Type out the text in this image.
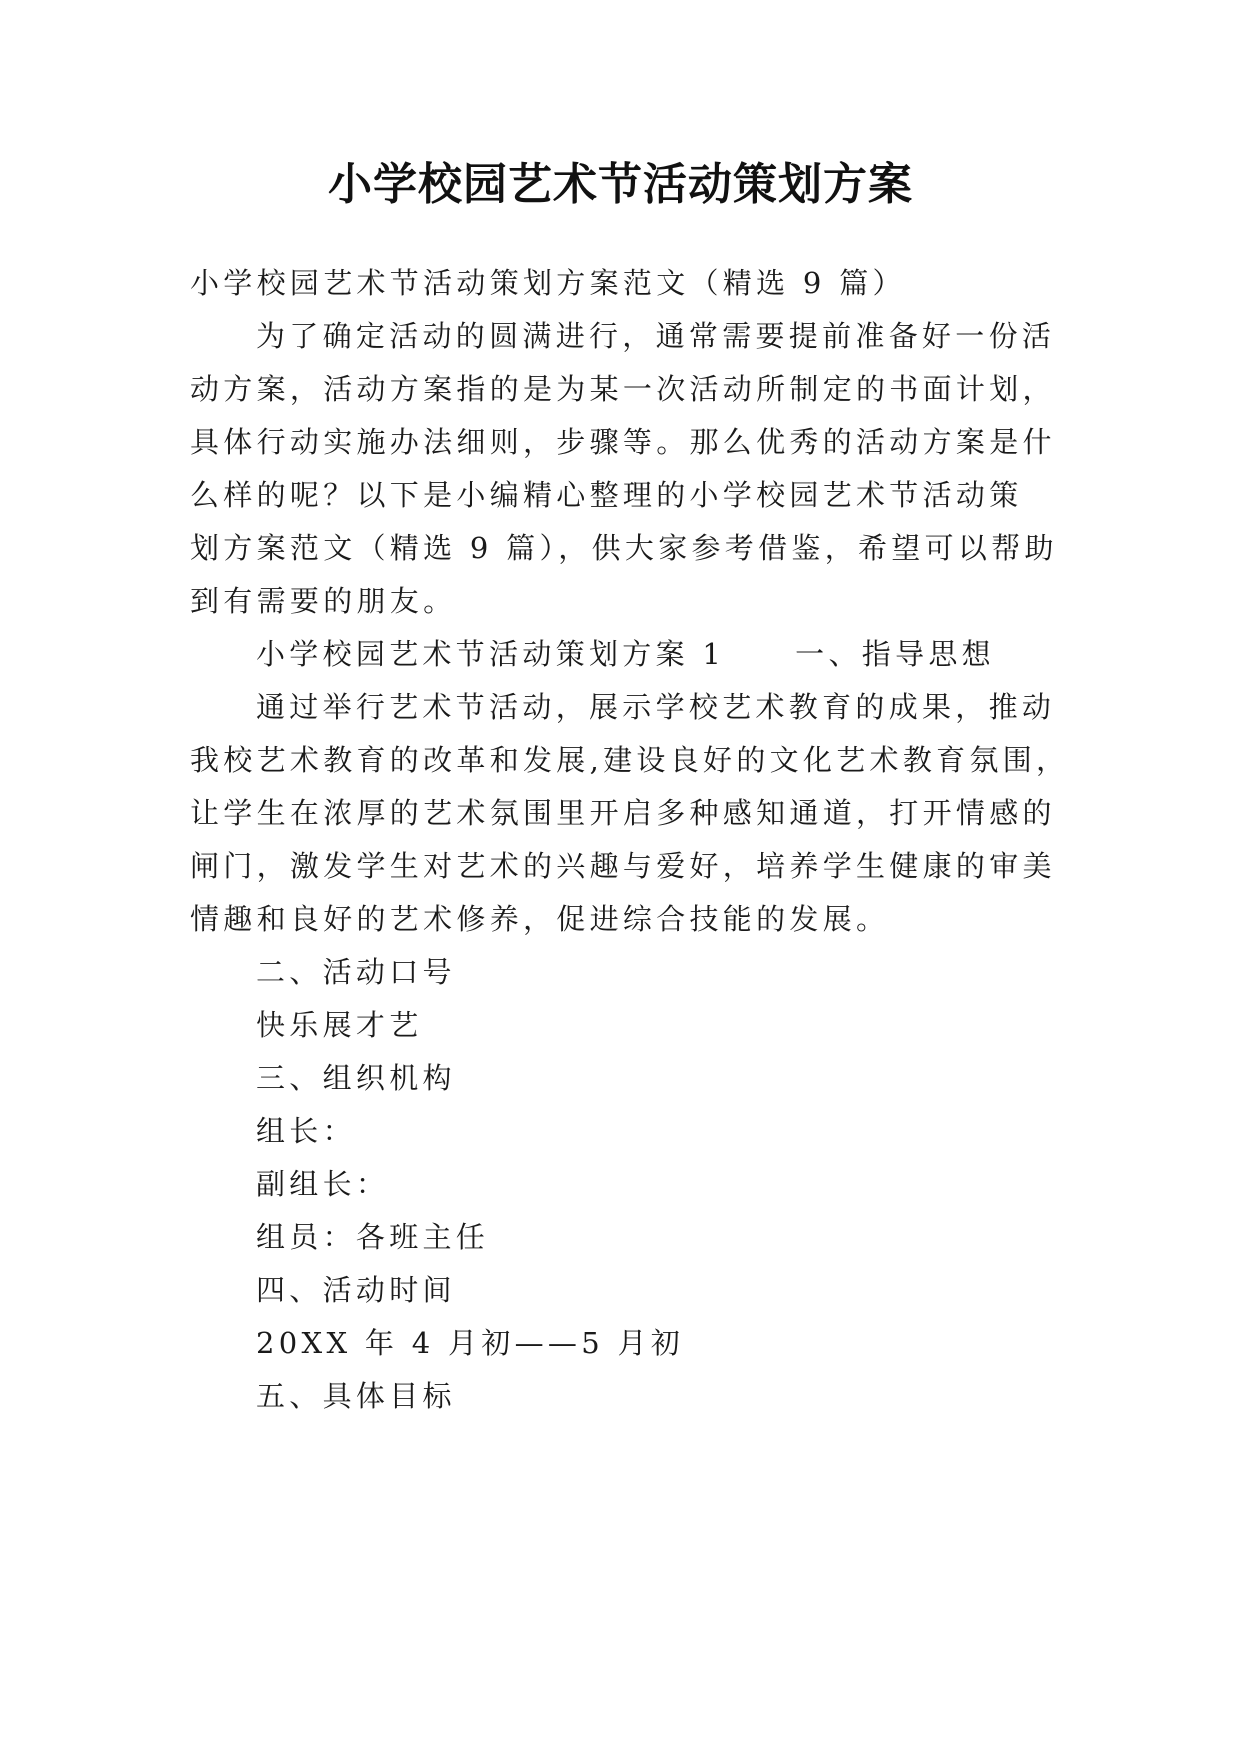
小学校园艺术节活动策划方案
小学校园艺术节活动策划方案范文（精选 9 篇）
为了确定活动的圆满进行，通常需要提前准备好一份活
动方案，活动方案指的是为某一次活动所制定的书面计划，
具体行动实施办法细则，步骤等。那么优秀的活动方案是什
么样的呢？以下是小编精心整理的小学校园艺术节活动策
划方案范文（精选 9 篇），供大家参考借鉴，希望可以帮助
到有需要的朋友。
小学校园艺术节活动策划方案 1 一、指导思想
通过举行艺术节活动，展示学校艺术教育的成果，推动
我校艺术教育的改革和发展,建设良好的文化艺术教育氛围，
让学生在浓厚的艺术氛围里开启多种感知通道，打开情感的
闸门，激发学生对艺术的兴趣与爱好，培养学生健康的审美
情趣和良好的艺术修养，促进综合技能的发展。
二、活动口号
快乐展才艺
三、组织机构
组长：
副组长：
组员：各班主任
四、活动时间
20XX 年 4 月初——5 月初
五、具体目标
